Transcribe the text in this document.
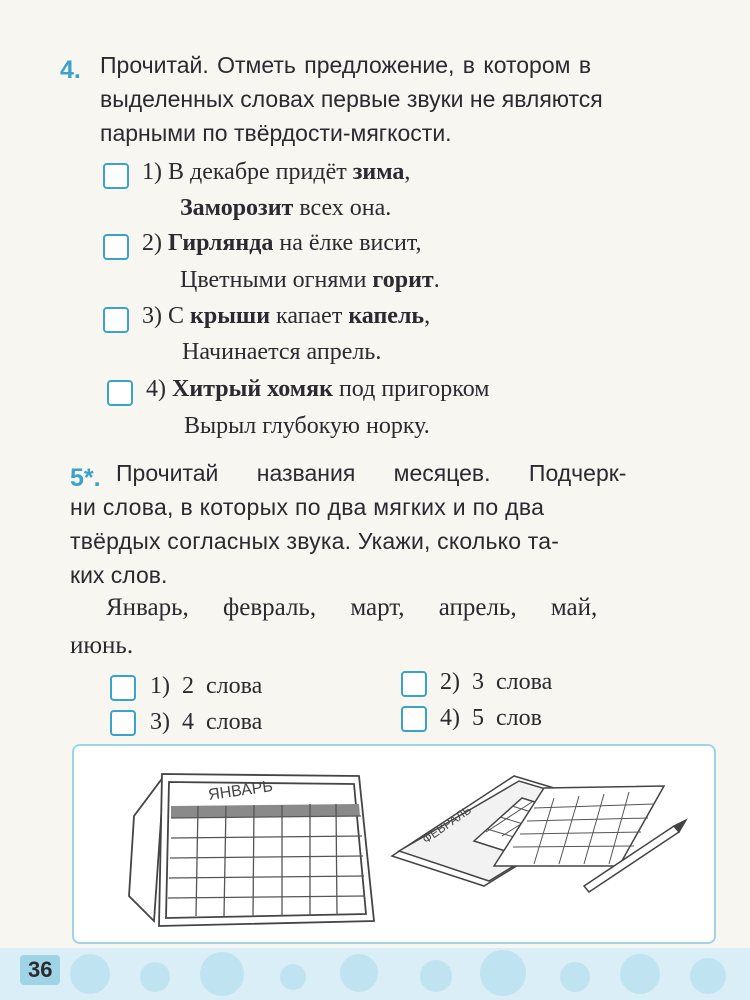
4. Прочитай. Отметь предложение, в котором в
выделенных словах первые звуки не являются
парными по твёрдости-мягкости.
1) В декабре придёт зима,
Заморозит всех она.
2) Гирлянда на ёлке висит,
Цветными огнями горит.
3) С крыши капает капель,
Начинается апрель.
4) Хитрый хомяк под пригорком
Вырыл глубокую норку.
5*. Прочитай названия месяцев. Подчерк-
ни слова, в которых по два мягких и по два
твёрдых согласных звука. Укажи, сколько та-
ких слов.
Январь, февраль, март, апрель, май,
июнь.
1) 2 слова	2) 3 слова
3) 4 слова	4) 5 слов
ФЕВРАЛЬ
ЯНВАРЬ
36
